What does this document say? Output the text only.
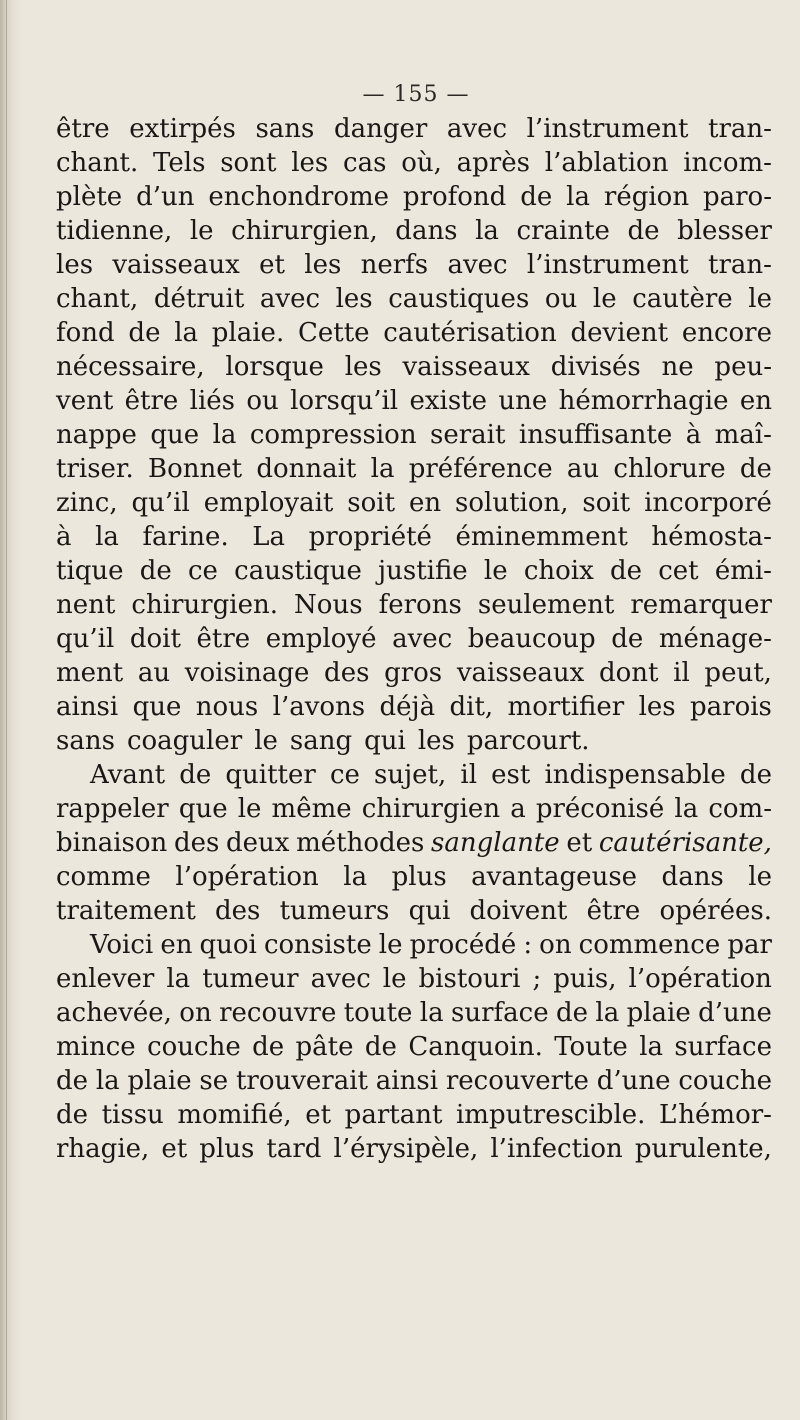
— 155 —
être extirpés sans danger avec l’instrument tran-
chant. Tels sont les cas où, après l’ablation incom-
plète d’un enchondrome profond de la région paro-
tidienne, le chirurgien, dans la crainte de blesser
les vaisseaux et les nerfs avec l’instrument tran-
chant, détruit avec les caustiques ou le cautère le
fond de la plaie. Cette cautérisation devient encore
nécessaire, lorsque les vaisseaux divisés ne peu-
vent être liés ou lorsqu’il existe une hémorrhagie en
nappe que la compression serait insuffisante à maî-
triser. Bonnet donnait la préférence au chlorure de
zinc, qu’il employait soit en solution, soit incorporé
à la farine. La propriété éminemment hémosta-
tique de ce caustique justifie le choix de cet émi-
nent chirurgien. Nous ferons seulement remarquer
qu’il doit être employé avec beaucoup de ménage-
ment au voisinage des gros vaisseaux dont il peut,
ainsi que nous l’avons déjà dit, mortifier les parois
sans coaguler le sang qui les parcourt.
Avant de quitter ce sujet, il est indispensable de
rappeler que le même chirurgien a préconisé la com-
binaison des deux méthodes sanglante et cautérisante,
comme l’opération la plus avantageuse dans le
traitement des tumeurs qui doivent être opérées.
Voici en quoi consiste le procédé : on commence par
enlever la tumeur avec le bistouri ; puis, l’opération
achevée, on recouvre toute la surface de la plaie d’une
mince couche de pâte de Canquoin. Toute la surface
de la plaie se trouverait ainsi recouverte d’une couche
de tissu momifié, et partant imputrescible. L’hémor-
rhagie, et plus tard l’érysipèle, l’infection purulente,
